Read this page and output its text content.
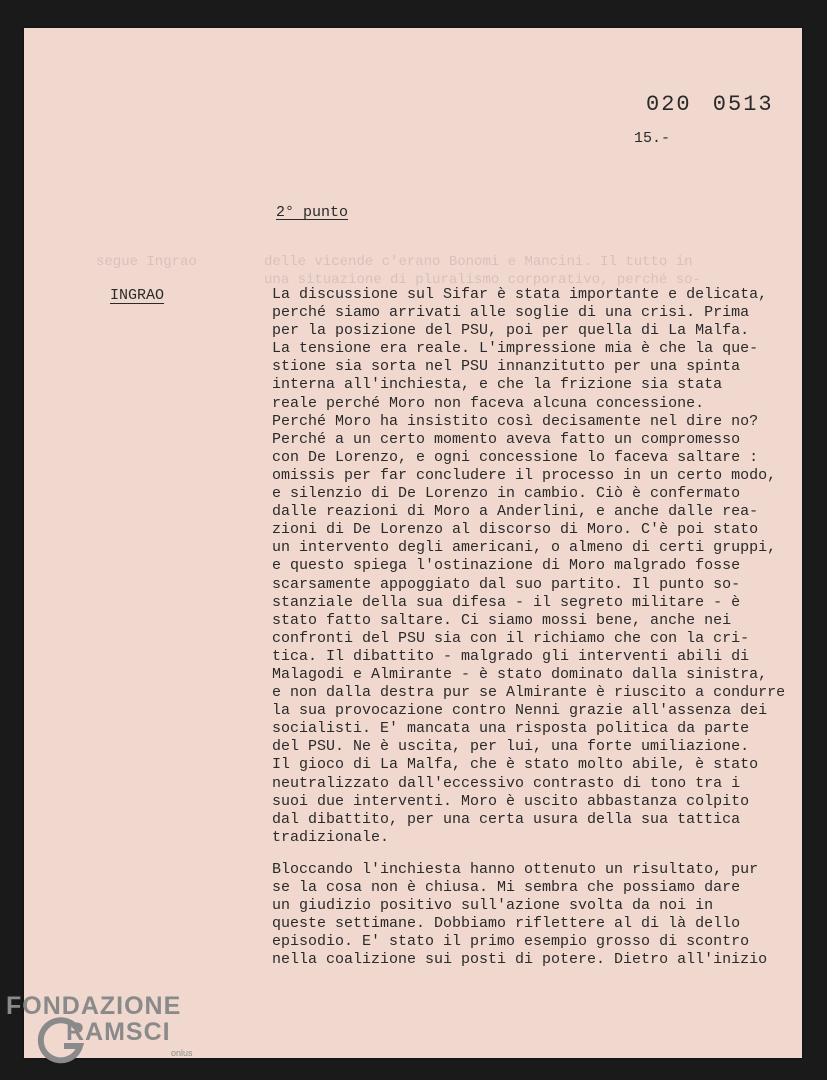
segue Ingrao        delle vicende c'erano Bonomi e Mancini. Il tutto in
una situazione di pluralismo corporativo, perché so-
020 0513
15.-
2° punto
INGRAO	La discussione sul Sifar è stata importante e delicata,
perché siamo arrivati alle soglie di una crisi. Prima
per la posizione del PSU, poi per quella di La Malfa.
La tensione era reale. L'impressione mia è che la que-
stione sia sorta nel PSU innanzitutto per una spinta
interna all'inchiesta, e che la frizione sia stata
reale perché Moro non faceva alcuna concessione.
Perché Moro ha insistito così decisamente nel dire no?
Perché a un certo momento aveva fatto un compromesso
con De Lorenzo, e ogni concessione lo faceva saltare :
omissis per far concludere il processo in un certo modo,
e silenzio di De Lorenzo in cambio. Ciò è confermato
dalle reazioni di Moro a Anderlini, e anche dalle rea-
zioni di De Lorenzo al discorso di Moro. C'è poi stato
un intervento degli americani, o almeno di certi gruppi,
e questo spiega l'ostinazione di Moro malgrado fosse
scarsamente appoggiato dal suo partito. Il punto so-
stanziale della sua difesa - il segreto militare - è
stato fatto saltare. Ci siamo mossi bene, anche nei
confronti del PSU sia con il richiamo che con la cri-
tica. Il dibattito - malgrado gli interventi abili di
Malagodi e Almirante - è stato dominato dalla sinistra,
e non dalla destra pur se Almirante è riuscito a condurre
la sua provocazione contro Nenni grazie all'assenza dei
socialisti. E' mancata una risposta politica da parte
del PSU. Ne è uscita, per lui, una forte umiliazione.
Il gioco di La Malfa, che è stato molto abile, è stato
neutralizzato dall'eccessivo contrasto di tono tra i
suoi due interventi. Moro è uscito abbastanza colpito
dal dibattito, per una certa usura della sua tattica
tradizionale.
Bloccando l'inchiesta hanno ottenuto un risultato, pur
se la cosa non è chiusa. Mi sembra che possiamo dare
un giudizio positivo sull'azione svolta da noi in
queste settimane. Dobbiamo riflettere al di là dello
episodio. E' stato il primo esempio grosso di scontro
nella coalizione sui posti di potere. Dietro all'inizio
FONDAZIONE
RAMSCI
onlus
